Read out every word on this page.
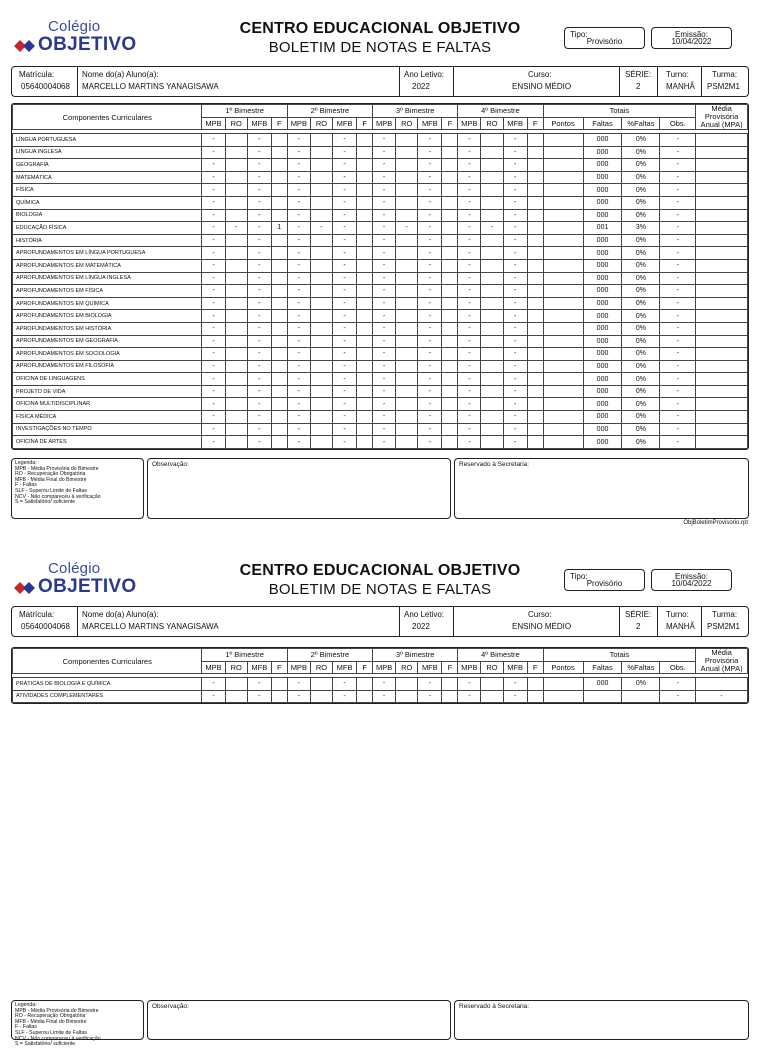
Colégio
OBJETIVO
CENTRO EDUCACIONAL OBJETIVO
BOLETIM DE NOTAS E FALTAS
Tipo:
Provisório
Emissão:
10/04/2022
Matrícula:
05640004068
Nome do(a) Aluno(a):
MARCELLO MARTINS YANAGISAWA
Ano Letivo:
2022
Curso:
ENSINO MÉDIO
SÉRIE:
2
Turno:
MANHÃ
Turma:
PSM2M1
Componentes Curriculares	1º Bimestre				2º Bimestre				3º Bimestre				4º Bimestre				Totais				Média Provisória Anual (MPA)
	MPB	RO	MFB	F	MPB	RO	MFB	F	MPB	RO	MFB	F	MPB	RO	MFB	F	Pontos	Faltas	%Faltas	Obs.	

LÍNGUA PORTUGUESA	-		-		-		-		-		-		-		-			000	0%	-	
LÍNGUA INGLESA	-		-		-		-		-		-		-		-			000	0%	-	
GEOGRAFIA	-		-		-		-		-		-		-		-			000	0%	-	
MATEMÁTICA	-		-		-		-		-		-		-		-			000	0%	-	
FÍSICA	-		-		-		-		-		-		-		-			000	0%	-	
QUÍMICA	-		-		-		-		-		-		-		-			000	0%	-	
BIOLOGIA	-		-		-		-		-		-		-		-			000	0%	-	
EDUCAÇÃO FÍSICA	-	-	-	1	-	-	-		-	-	-		-	-	-			001	3%	-	
HISTÓRIA	-		-		-		-		-		-		-		-			000	0%	-	
APROFUNDAMENTOS EM LÍNGUA PORTUGUESA	-		-		-		-		-		-		-		-			000	0%	-	
APROFUNDAMENTOS EM MATEMÁTICA	-		-		-		-		-		-		-		-			000	0%	-	
APROFUNDAMENTOS EM LÍNGUA INGLESA	-		-		-		-		-		-		-		-			000	0%	-	
APROFUNDAMENTOS EM FÍSICA	-		-		-		-		-		-		-		-			000	0%	-	
APROFUNDAMENTOS EM QUÍMICA	-		-		-		-		-		-		-		-			000	0%	-	
APROFUNDAMENTOS EM BIOLOGIA	-		-		-		-		-		-		-		-			000	0%	-	
APROFUNDAMENTOS EM HISTÓRIA	-		-		-		-		-		-		-		-			000	0%	-	
APROFUNDAMENTOS EM GEOGRAFIA	-		-		-		-		-		-		-		-			000	0%	-	
APROFUNDAMENTOS EM SOCIOLOGIA	-		-		-		-		-		-		-		-			000	0%	-	
APROFUNDAMENTOS EM FILOSOFIA	-		-		-		-		-		-		-		-			000	0%	-	
OFICINA DE LINGUAGENS	-		-		-		-		-		-		-		-			000	0%	-	
PROJETO DE VIDA	-		-		-		-		-		-		-		-			000	0%	-	
OFICINA MULTIDISCIPLINAR	-		-		-		-		-		-		-		-			000	0%	-	
FÍSICA MÉDICA	-		-		-		-		-		-		-		-			000	0%	-	
INVESTIGAÇÕES NO TEMPO	-		-		-		-		-		-		-		-			000	0%	-	
OFICINA DE ARTES	-		-		-		-		-		-		-		-			000	0%	-	
Legenda:
MPB - Média Provisória do Bimestre
RO - Recuperação Obrigatória
MFB - Média Final do Bimestre
F - Faltas
SLF - Superou Limite de Faltas
NCV - Não compareceu à verificação
S = Satisfatório/ suficiente
Observação:	Reservado à Secretaria:
ObjBoletimProvisorio.rpt
Colégio
OBJETIVO
CENTRO EDUCACIONAL OBJETIVO
BOLETIM DE NOTAS E FALTAS
Tipo:
Provisório
Emissão:
10/04/2022
Matrícula:
05640004068
Nome do(a) Aluno(a):
MARCELLO MARTINS YANAGISAWA
Ano Letivo:
2022
Curso:
ENSINO MÉDIO
SÉRIE:
2
Turno:
MANHÃ
Turma:
PSM2M1
Componentes Curriculares	1º Bimestre				2º Bimestre				3º Bimestre				4º Bimestre				Totais				Média Provisória Anual (MPA)
	MPB	RO	MFB	F	MPB	RO	MFB	F	MPB	RO	MFB	F	MPB	RO	MFB	F	Pontos	Faltas	%Faltas	Obs.	

PRÁTICAS DE BIOLOGIA E QUÍMICA	-		-		-		-		-		-		-		-			000	0%	-	
ATIVIDADES COMPLEMENTARES	-		-		-		-		-		-		-		-					-	-
Legenda:
MPB - Média Provisória do Bimestre
RO - Recuperação Obrigatória
MFB - Média Final do Bimestre
F - Faltas
SLF - Superou Limite de Faltas
NCV - Não compareceu à verificação
S = Satisfatório/ suficiente
Observação:	Reservado à Secretaria:
